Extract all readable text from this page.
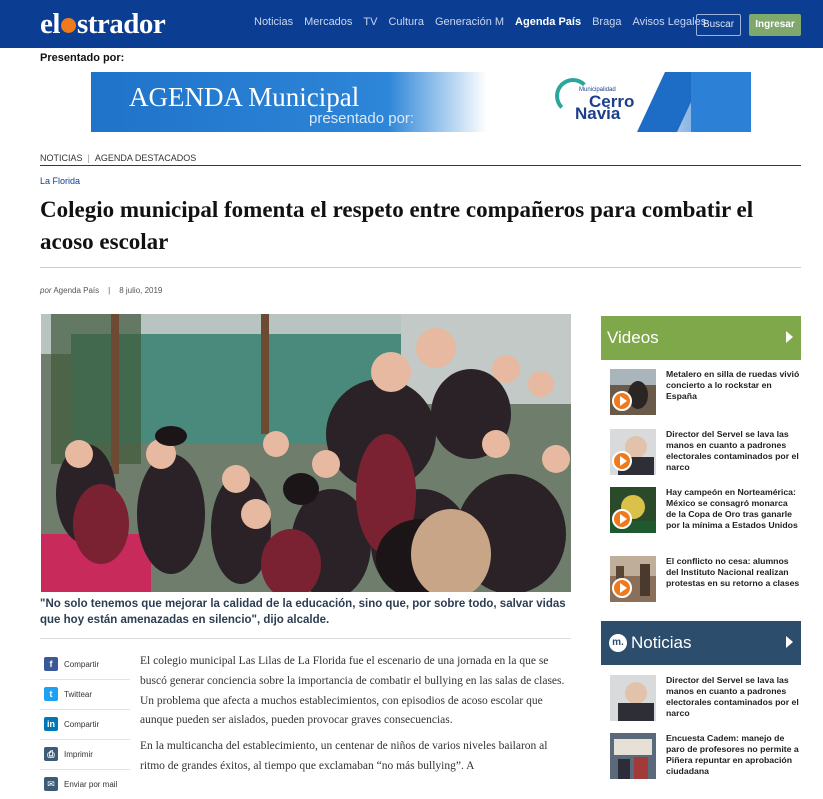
el strador	Noticias Mercados TV Cultura Generación M Agenda País Braga Avisos Legales
Buscar	Ingresar
Presentado por:
AGENDA Municipal
presentado por:
Municipalidad
Cerro
Navia
NOTICIAS | AGENDA DESTACADOS
La Florida
Colegio municipal fomenta el respeto entre compañeros para combatir el acoso escolar
por Agenda País | 8 julio, 2019
"No solo tenemos que mejorar la calidad de la educación, sino que, por sobre todo, salvar vidas que hoy están amenazadas en silencio", dijo alcalde.
f	Compartir
t	Twittear
in	Compartir
⎙	Imprimir
✉	Enviar por mail

El colegio municipal Las Lilas de La Florida fue el escenario de una jornada en la que se buscó generar conciencia sobre la importancia de combatir el bullying en las salas de clases. Un problema que afecta a muchos establecimientos, con episodios de acoso escolar que aunque pueden ser aislados, pueden provocar graves consecuencias.

En la multicancha del establecimiento, un centenar de niños de varios niveles bailaron al ritmo de grandes éxitos, al tiempo que exclamaban “no más bullying”. A

Videos
Metalero en silla de ruedas vivió concierto a lo rockstar en España
Director del Servel se lava las manos en cuanto a padrones electorales contaminados por el narco
Hay campeón en Norteamérica: México se consagró monarca de la Copa de Oro tras ganarle por la mínima a Estados Unidos
El conflicto no cesa: alumnos del Instituto Nacional realizan protestas en su retorno a clases
m. Noticias
Director del Servel se lava las manos en cuanto a padrones electorales contaminados por el narco
Encuesta Cadem: manejo de paro de profesores no permite a Piñera repuntar en aprobación ciudadana
